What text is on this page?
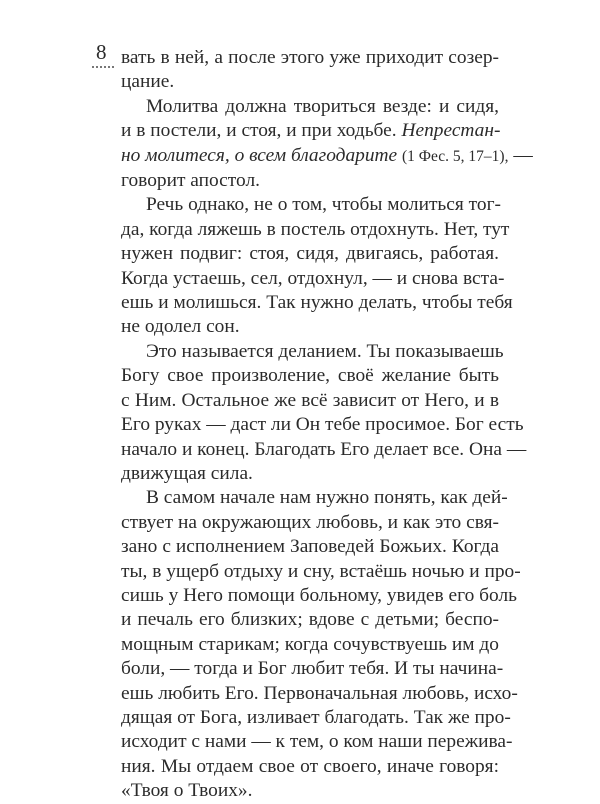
8 вать в ней, а после этого уже приходит созер-
цание.

Молитва должна твориться везде: и сидя,
и в постели, и стоя, и при ходьбе. Непрестан-
но молитеся, о всем благодарите (1 Фес. 5, 17–1), —
говорит апостол.

Речь однако, не о том, чтобы молиться тог-
да, когда ляжешь в постель отдохнуть. Нет, тут
нужен подвиг: стоя, сидя, двигаясь, работая.
Когда устаешь, сел, отдохнул, — и снова вста-
ешь и молишься. Так нужно делать, чтобы тебя
не одолел сон.

Это называется деланием. Ты показываешь
Богу свое произволение, своё желание быть
с Ним. Остальное же всё зависит от Него, и в
Его руках — даст ли Он тебе просимое. Бог есть
начало и конец. Благодать Его делает все. Она —
движущая сила.

В самом начале нам нужно понять, как дей-
ствует на окружающих любовь, и как это свя-
зано с исполнением Заповедей Божьих. Когда
ты, в ущерб отдыху и сну, встаёшь ночью и про-
сишь у Него помощи больному, увидев его боль
и печаль его близких; вдове с детьми; беспо-
мощным старикам; когда сочувствуешь им до
боли, — тогда и Бог любит тебя. И ты начина-
ешь любить Его. Первоначальная любовь, исхо-
дящая от Бога, изливает благодать. Так же про-
исходит с нами — к тем, о ком наши пережива-
ния. Мы отдаем свое от своего, иначе говоря:
«Твоя о Твоих».
